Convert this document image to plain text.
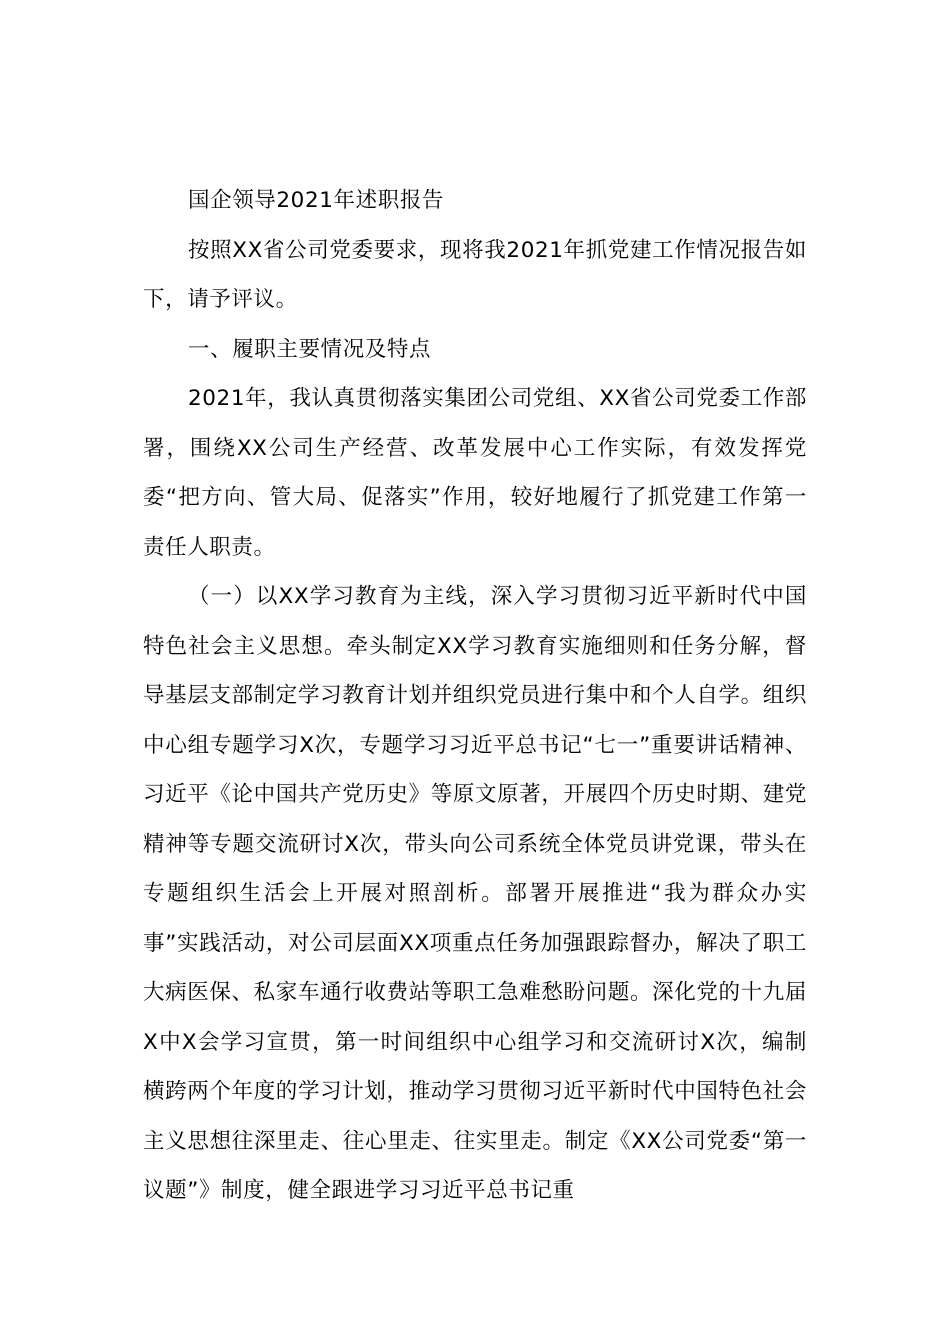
国企领导2021年述职报告

按照XX省公司党委要求，现将我2021年抓党建工作情况报告如下，请予评议。

一、履职主要情况及特点

2021年，我认真贯彻落实集团公司党组、XX省公司党委工作部署，围绕XX公司生产经营、改革发展中心工作实际，有效发挥党委“把方向、管大局、促落实”作用，较好地履行了抓党建工作第一责任人职责。

（一）以XX学习教育为主线，深入学习贯彻习近平新时代中国特色社会主义思想。牵头制定XX学习教育实施细则和任务分解，督导基层支部制定学习教育计划并组织党员进行集中和个人自学。组织中心组专题学习X次，专题学习习近平总书记“七一”重要讲话精神、习近平《论中国共产党历史》等原文原著，开展四个历史时期、建党精神等专题交流研讨X次，带头向公司系统全体党员讲党课，带头在专题组织生活会上开展对照剖析。部署开展推进“我为群众办实事”实践活动，对公司层面XX项重点任务加强跟踪督办，解决了职工大病医保、私家车通行收费站等职工急难愁盼问题。深化党的十九届X中X会学习宣贯，第一时间组织中心组学习和交流研讨X次，编制横跨两个年度的学习计划，推动学习贯彻习近平新时代中国特色社会主义思想往深里走、往心里走、往实里走。制定《XX公司党委“第一议题”》制度，健全跟进学习习近平总书记重
